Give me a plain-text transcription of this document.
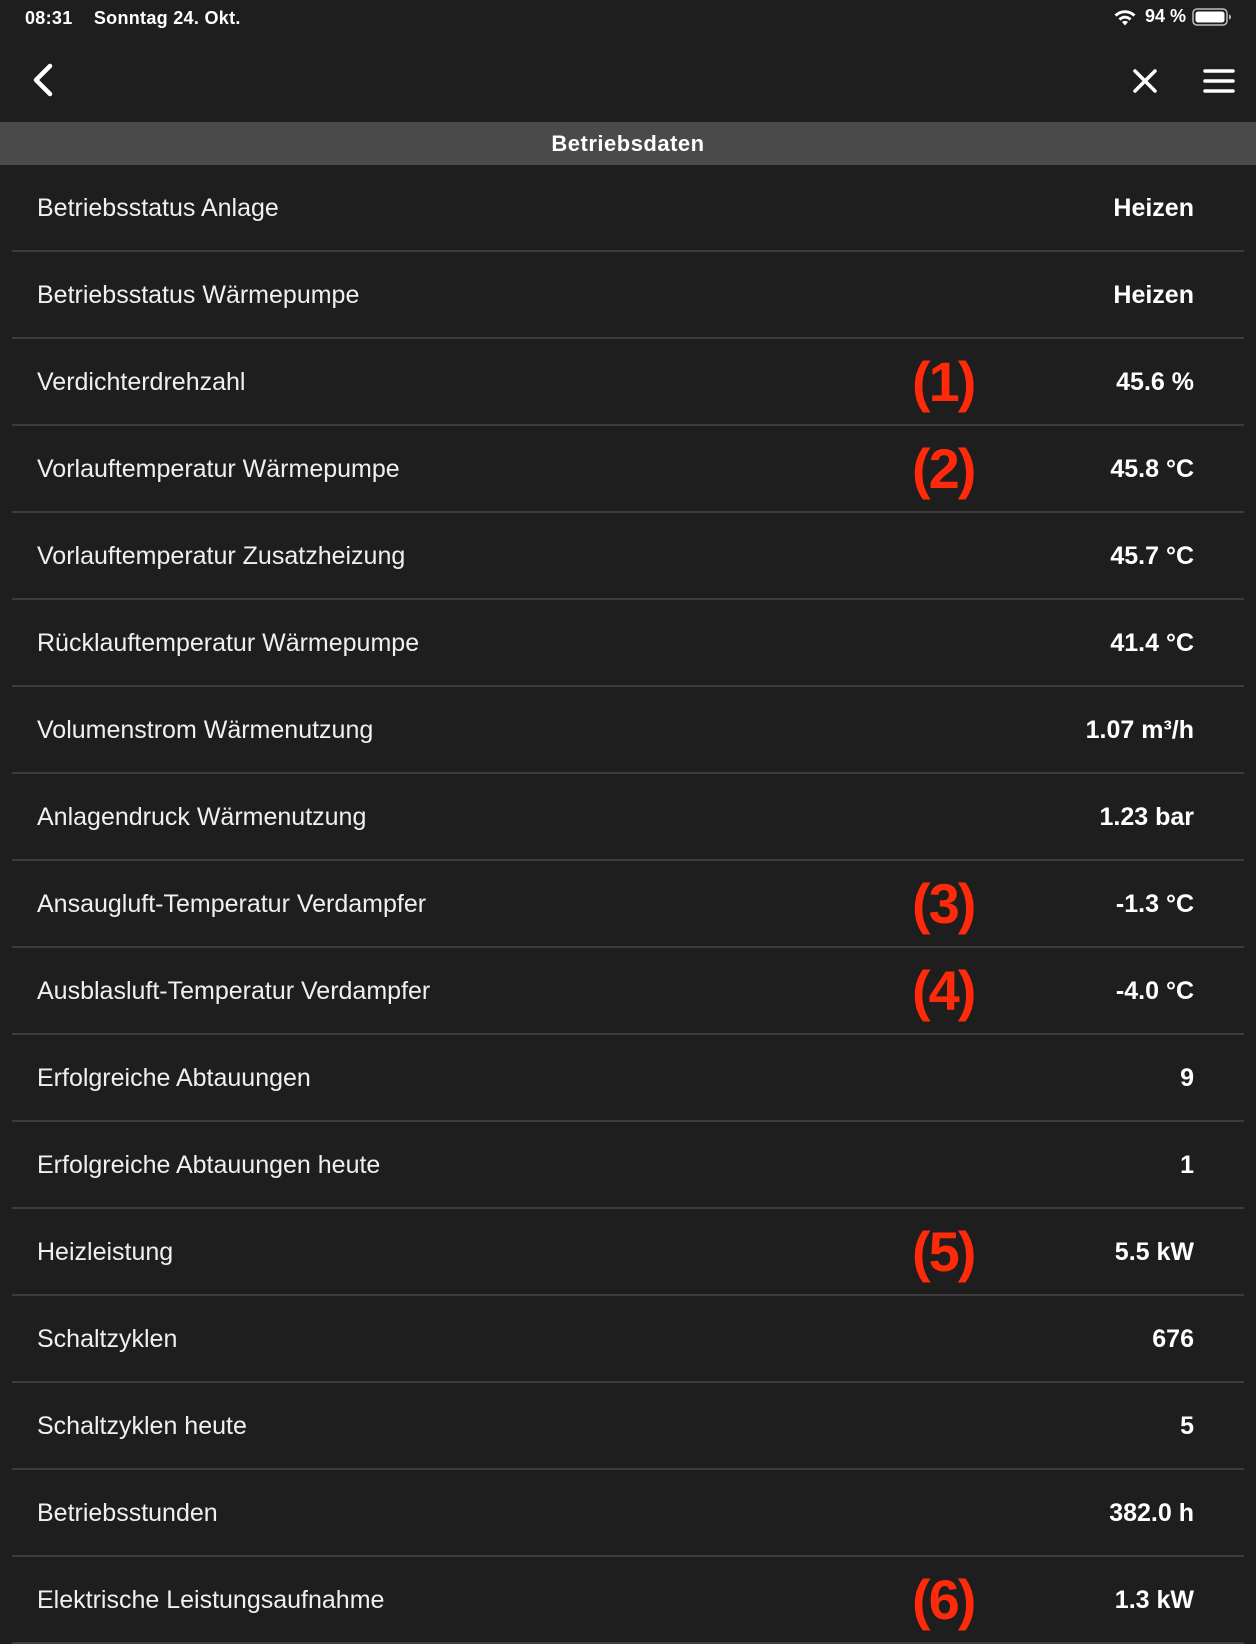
08:31 Sonntag 24. Okt.	94 %
Betriebsdaten
Betriebsstatus Anlage	Heizen
Betriebsstatus Wärmepumpe	Heizen
Verdichterdrehzahl	(1)	45.6 %
Vorlauftemperatur Wärmepumpe	(2)	45.8 °C
Vorlauftemperatur Zusatzheizung	45.7 °C
Rücklauftemperatur Wärmepumpe	41.4 °C
Volumenstrom Wärmenutzung	1.07 m³/h
Anlagendruck Wärmenutzung	1.23 bar
Ansaugluft-Temperatur Verdampfer	(3)	-1.3 °C
Ausblasluft-Temperatur Verdampfer	(4)	-4.0 °C
Erfolgreiche Abtauungen	9
Erfolgreiche Abtauungen heute	1
Heizleistung	(5)	5.5 kW
Schaltzyklen	676
Schaltzyklen heute	5
Betriebsstunden	382.0 h
Elektrische Leistungsaufnahme	(6)	1.3 kW
